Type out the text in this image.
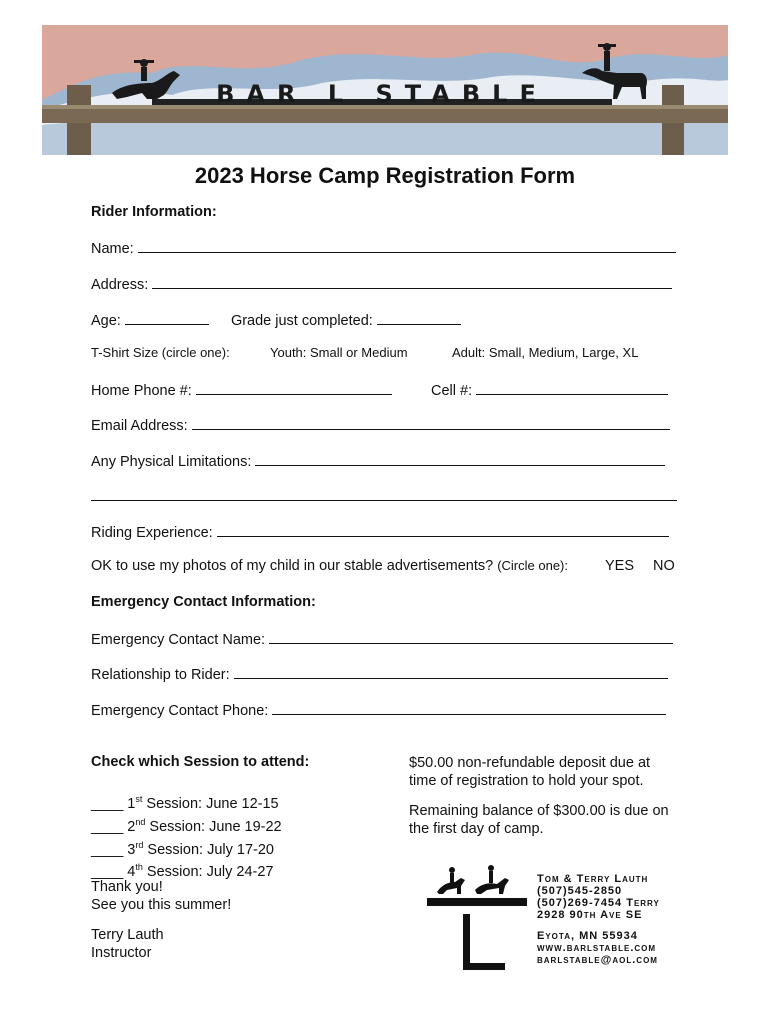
BAR L STABLE
2023 Horse Camp Registration Form
Rider Information:
Name:
Address:
Age:	Grade just completed:
T-Shirt Size (circle one):	Youth: Small or Medium	Adult: Small, Medium, Large, XL
Home Phone #:	Cell #:
Email Address:
Any Physical Limitations:
Riding Experience:
OK to use my photos of my child in our stable advertisements? (Circle one):	YES NO
Emergency Contact Information:
Emergency Contact Name:
Relationship to Rider:
Emergency Contact Phone:
Check which Session to attend:
____ 1st Session: June 12-15
____ 2nd Session: June 19-22
____ 3rd Session: July 17-20
____ 4th Session: July 24-27
$50.00 non-refundable deposit due at time of registration to hold your spot.
Remaining balance of $300.00 is due on the first day of camp.
Thank you!
See you this summer!
Terry Lauth
Instructor
Tom & Terry Lauth
(507)545-2850
(507)269-7454 Terry
2928 90th Ave SE
Eyota, MN 55934
www.barlstable.com
barlstable@aol.com
